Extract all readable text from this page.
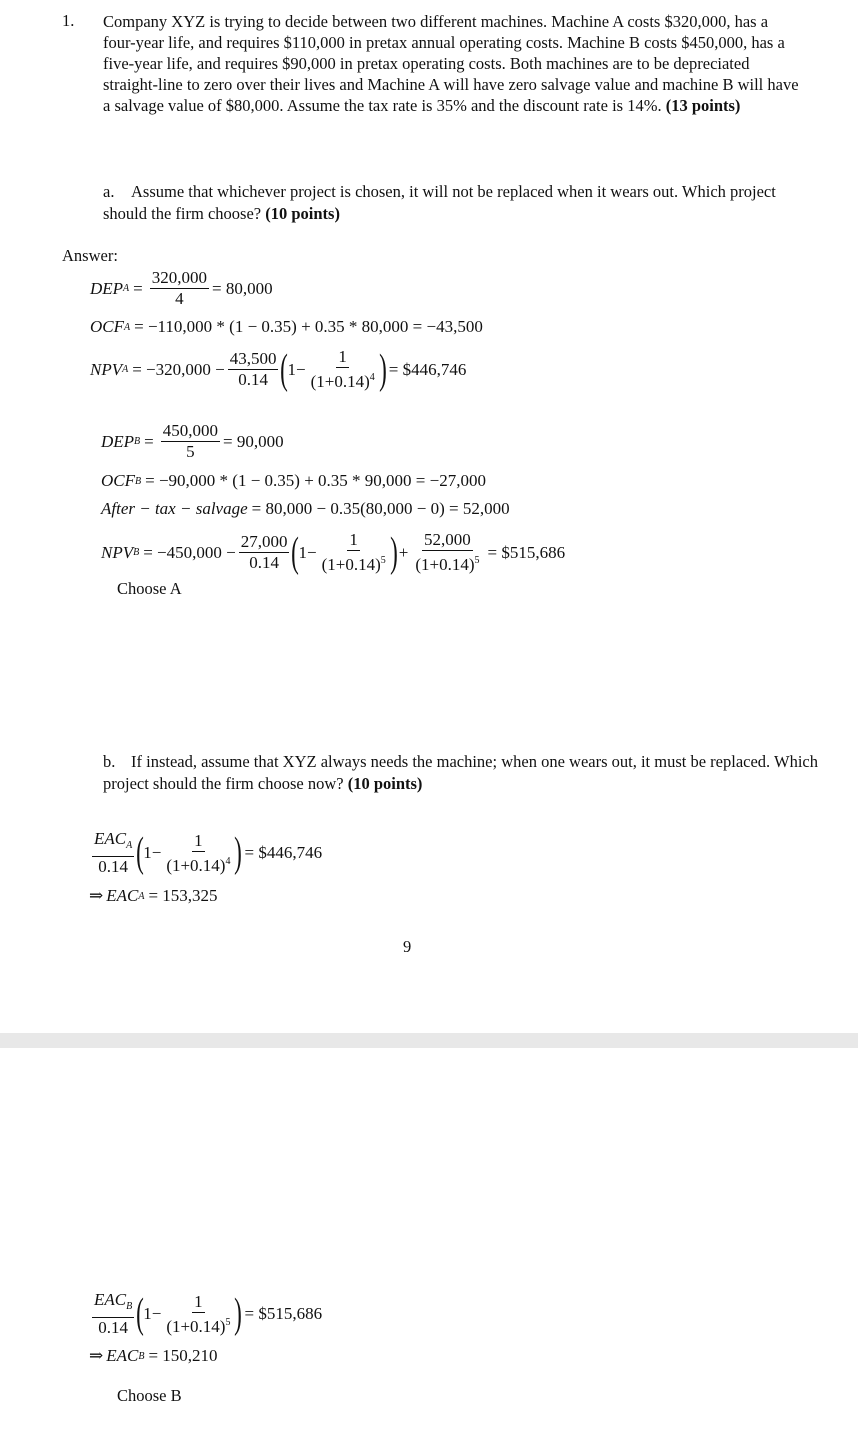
1. Company XYZ is trying to decide between two different machines. Machine A costs $320,000, has a four-year life, and requires $110,000 in pretax annual operating costs. Machine B costs $450,000, has a five-year life, and requires $90,000 in pretax operating costs. Both machines are to be depreciated straight-line to zero over their lives and Machine A will have zero salvage value and machine B will have a salvage value of $80,000. Assume the tax rate is 35% and the discount rate is 14%. (13 points)
a. Assume that whichever project is chosen, it will not be replaced when it wears out. Which project should the firm choose? (10 points)
Answer:
DEP $A = \frac{320,000}{4} = 80,000$
OCF A = −110,000 * (1 − 0.35) + 0.35 * 80,000 = −43,500
NPV $A = -320,000 - \frac{43,500}{0.14}$ ( $1- \frac{1}{(1+0.14)^4}$ ) = $446,746
DEP $B = \frac{450,000}{5} = 90,000$
OCF B = −90,000 * (1 − 0.35) + 0.35 * 90,000 = −27,000
After − tax − salvage = 80,000 − 0.35(80,000 − 0) = 52,000
NPV $B = -450,000 - \frac{27,000}{0.14}$ ( $1- \frac{1}{(1+0.14)^5}$ ) + $\frac{52,000}{(1+0.14)^5}$ = $515,686
Choose A
b. If instead, assume that XYZ always needs the machine; when one wears out, it must be replaced. Which project should the firm choose now? (10 points)
$\frac{EAC_A}{0.14}$ ( $1- \frac{1}{(1+0.14)^4}$ ) = $446,746
⇒ EAC A = 153,325
9
$\frac{EAC_B}{0.14}$ ( $1- \frac{1}{(1+0.14)^5}$ ) = $515,686
⇒ EAC B = 150,210
Choose B
